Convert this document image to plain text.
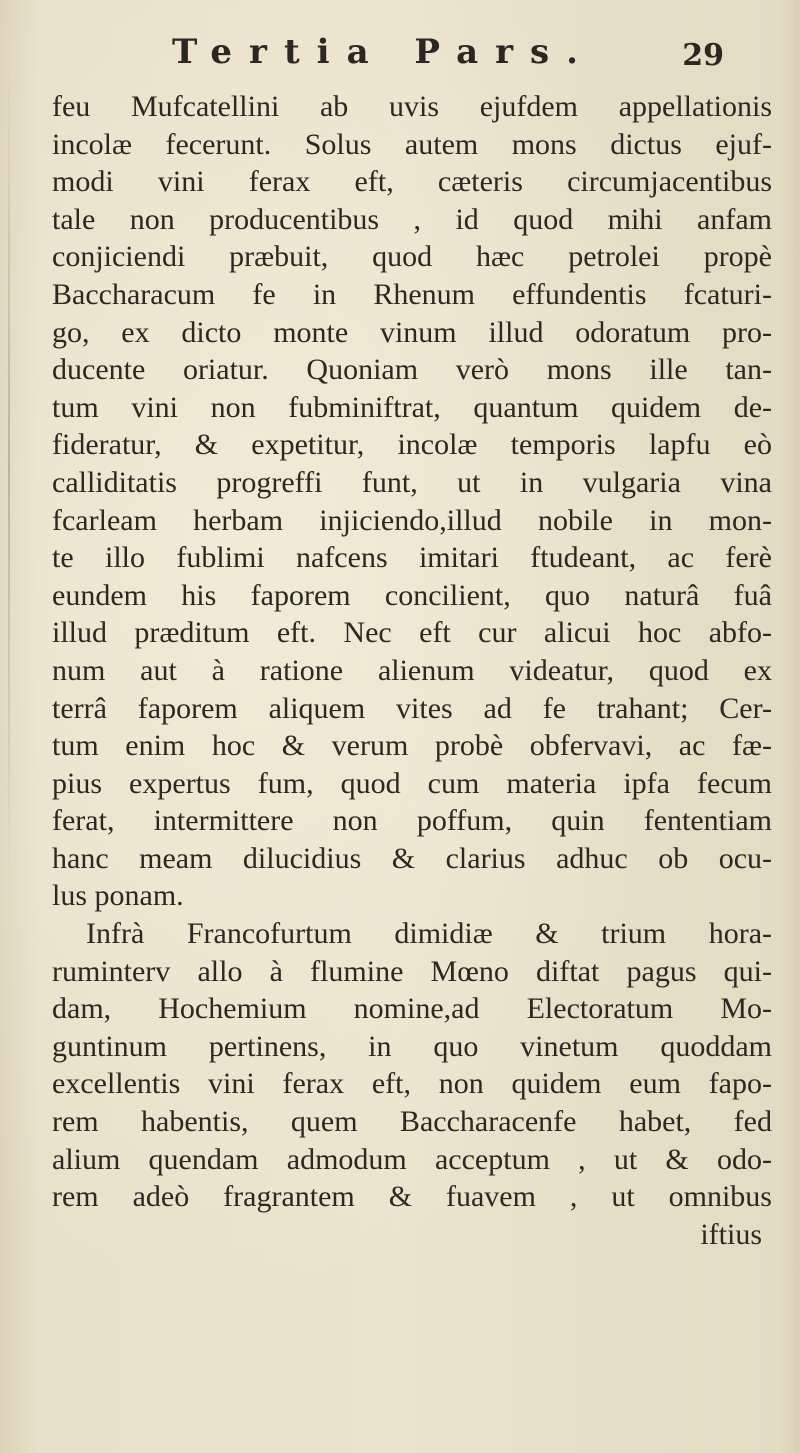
Tertia Pars.	29
feu Mufcatellini ab uvis ejufdem appellationis
incolæ fecerunt. Solus autem mons dictus ejuf-
modi vini ferax eft, cæteris circumjacentibus
tale non producentibus , id quod mihi anfam
conjiciendi præbuit, quod hæc petrolei propè
Baccharacum fe in Rhenum effundentis fcaturi-
go, ex dicto monte vinum illud odoratum pro-
ducente oriatur. Quoniam verò mons ille tan-
tum vini non fubminiftrat, quantum quidem de-
fideratur, & expetitur, incolæ temporis lapfu eò
calliditatis progreffi funt, ut in vulgaria vina
fcarleam herbam injiciendo,illud nobile in mon-
te illo fublimi nafcens imitari ftudeant, ac ferè
eundem his faporem concilient, quo naturâ fuâ
illud præditum eft. Nec eft cur alicui hoc abfo-
num aut à ratione alienum videatur, quod ex
terrâ faporem aliquem vites ad fe trahant; Cer-
tum enim hoc & verum probè obfervavi, ac fæ-
pius expertus fum, quod cum materia ipfa fecum
ferat, intermittere non poffum, quin fententiam
hanc meam dilucidius & clarius adhuc ob ocu-
lus ponam.
Infrà Francofurtum dimidiæ & trium hora-
ruminterv allo à flumine Mœno diftat pagus qui-
dam, Hochemium nomine,ad Electoratum Mo-
guntinum pertinens, in quo vinetum quoddam
excellentis vini ferax eft, non quidem eum fapo-
rem habentis, quem Baccharacenfe habet, fed
alium quendam admodum acceptum , ut & odo-
rem adeò fragrantem & fuavem , ut omnibus
iftius
